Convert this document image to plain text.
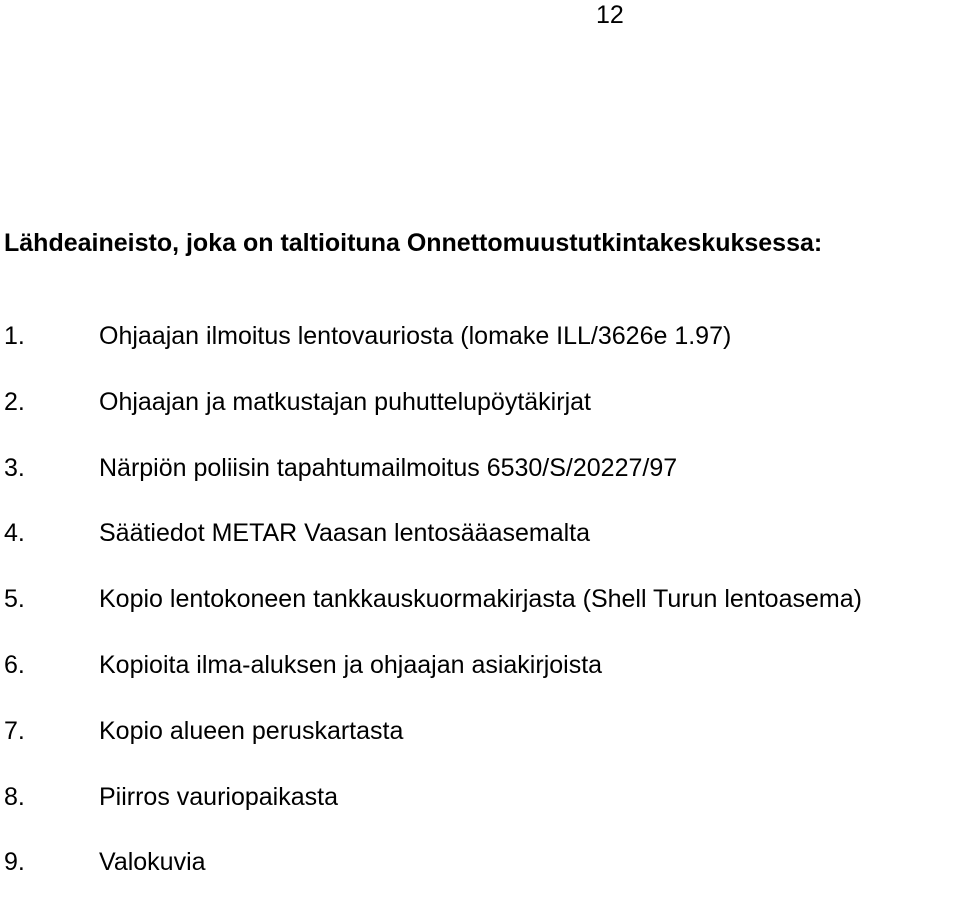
12
Lähdeaineisto, joka on taltioituna Onnettomuustutkintakeskuksessa:
1.	Ohjaajan ilmoitus lentovauriosta (lomake ILL/3626e 1.97)
2.	Ohjaajan ja matkustajan puhuttelupöytäkirjat
3.	Närpiön poliisin tapahtumailmoitus 6530/S/20227/97
4.	Säätiedot METAR Vaasan lentosääasemalta
5.	Kopio lentokoneen tankkauskuormakirjasta (Shell Turun lentoasema)
6.	Kopioita ilma-aluksen ja ohjaajan asiakirjoista
7.	Kopio alueen peruskartasta
8.	Piirros vauriopaikasta
9.	Valokuvia
